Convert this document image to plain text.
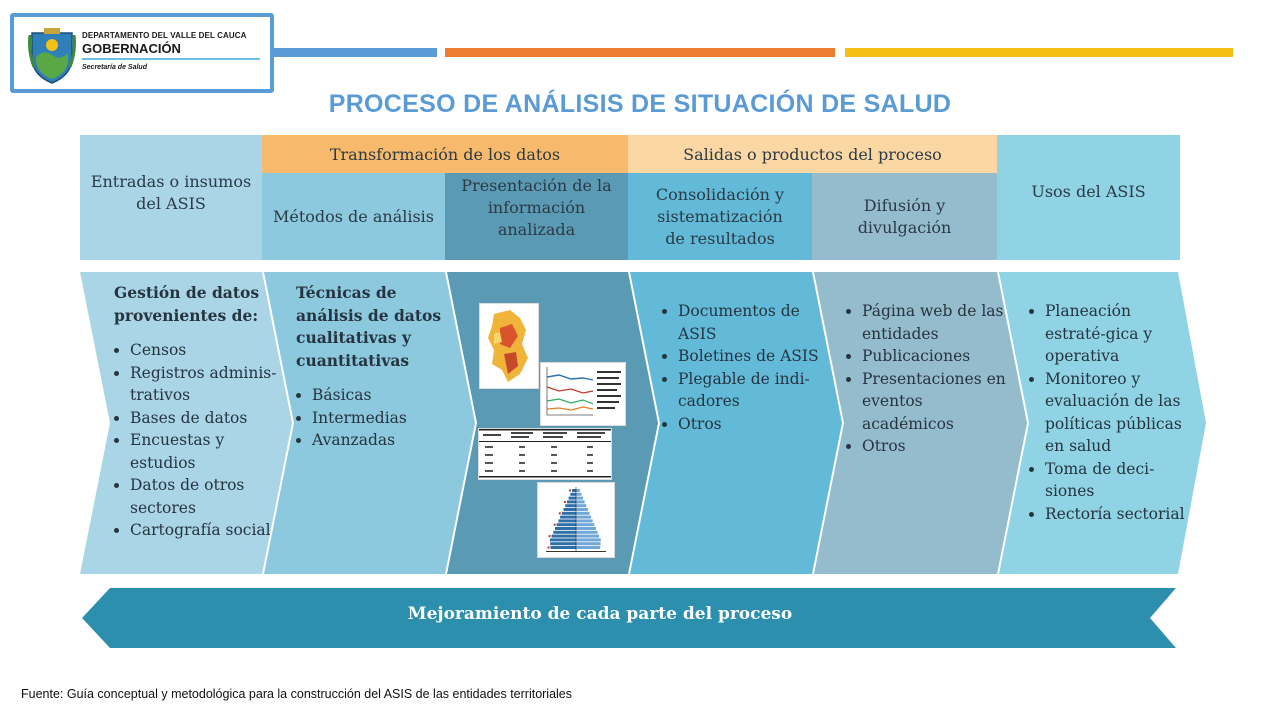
DEPARTAMENTO DEL VALLE DEL CAUCA
GOBERNACIÓN
Secretaría de Salud
PROCESO DE ANÁLISIS DE SITUACIÓN DE SALUD
Entradas o insumos del ASIS
Transformación de los datos	Salidas o productos del proceso
Métodos de análisis
Presentación de la información analizada
Consolidación y sistematización de resultados
Difusión y divulgación
Usos del ASIS
Gestión de datos provenientes de:
• Censos
• Registros adminis-trativos
• Bases de datos
• Encuestas y estudios
• Datos de otros sectores
• Cartografía social
Técnicas de análisis de datos cualitativas y cuantitativas
• Básicas
• Intermedias
• Avanzadas
• Documentos de ASIS
• Boletines de ASIS
• Plegable de indi-cadores
• Otros
• Página web de las entidades
• Publicaciones
• Presentaciones en eventos académicos
• Otros
• Planeación estraté-gica y operativa
• Monitoreo y evaluación de las políticas públicas en salud
• Toma de deci-siones
• Rectoría sectorial
Mejoramiento de cada parte del proceso
Fuente: Guía conceptual y metodológica para la construcción del ASIS de las entidades territoriales
